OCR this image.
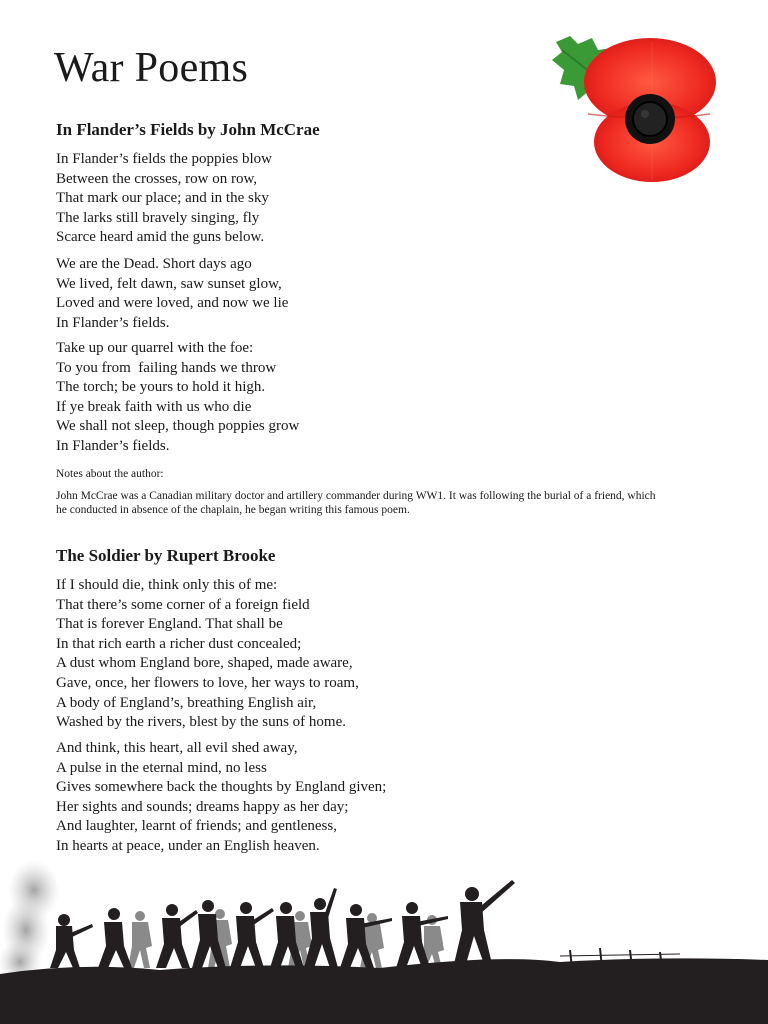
War Poems
In Flander’s Fields by John McCrae
In Flander’s fields the poppies blow
Between the crosses, row on row,
That mark our place; and in the sky
The larks still bravely singing, fly
Scarce heard amid the guns below.
We are the Dead. Short days ago
We lived, felt dawn, saw sunset glow,
Loved and were loved, and now we lie
In Flander’s fields.
Take up our quarrel with the foe:
To you from  failing hands we throw
The torch; be yours to hold it high.
If ye break faith with us who die
We shall not sleep, though poppies grow
In Flander’s fields.

Notes about the author:

John McCrae was a Canadian military doctor and artillery commander during WW1. It was following the burial of a friend, which he conducted in absence of the chaplain, he began writing this famous poem.

The Soldier by Rupert Brooke
If I should die, think only this of me:
That there’s some corner of a foreign field
That is forever England. That shall be
In that rich earth a richer dust concealed;
A dust whom England bore, shaped, made aware,
Gave, once, her flowers to love, her ways to roam,
A body of England’s, breathing English air,
Washed by the rivers, blest by the suns of home.
And think, this heart, all evil shed away,
A pulse in the eternal mind, no less
Gives somewhere back the thoughts by England given;
Her sights and sounds; dreams happy as her day;
And laughter, learnt of friends; and gentleness,
In hearts at peace, under an English heaven.
